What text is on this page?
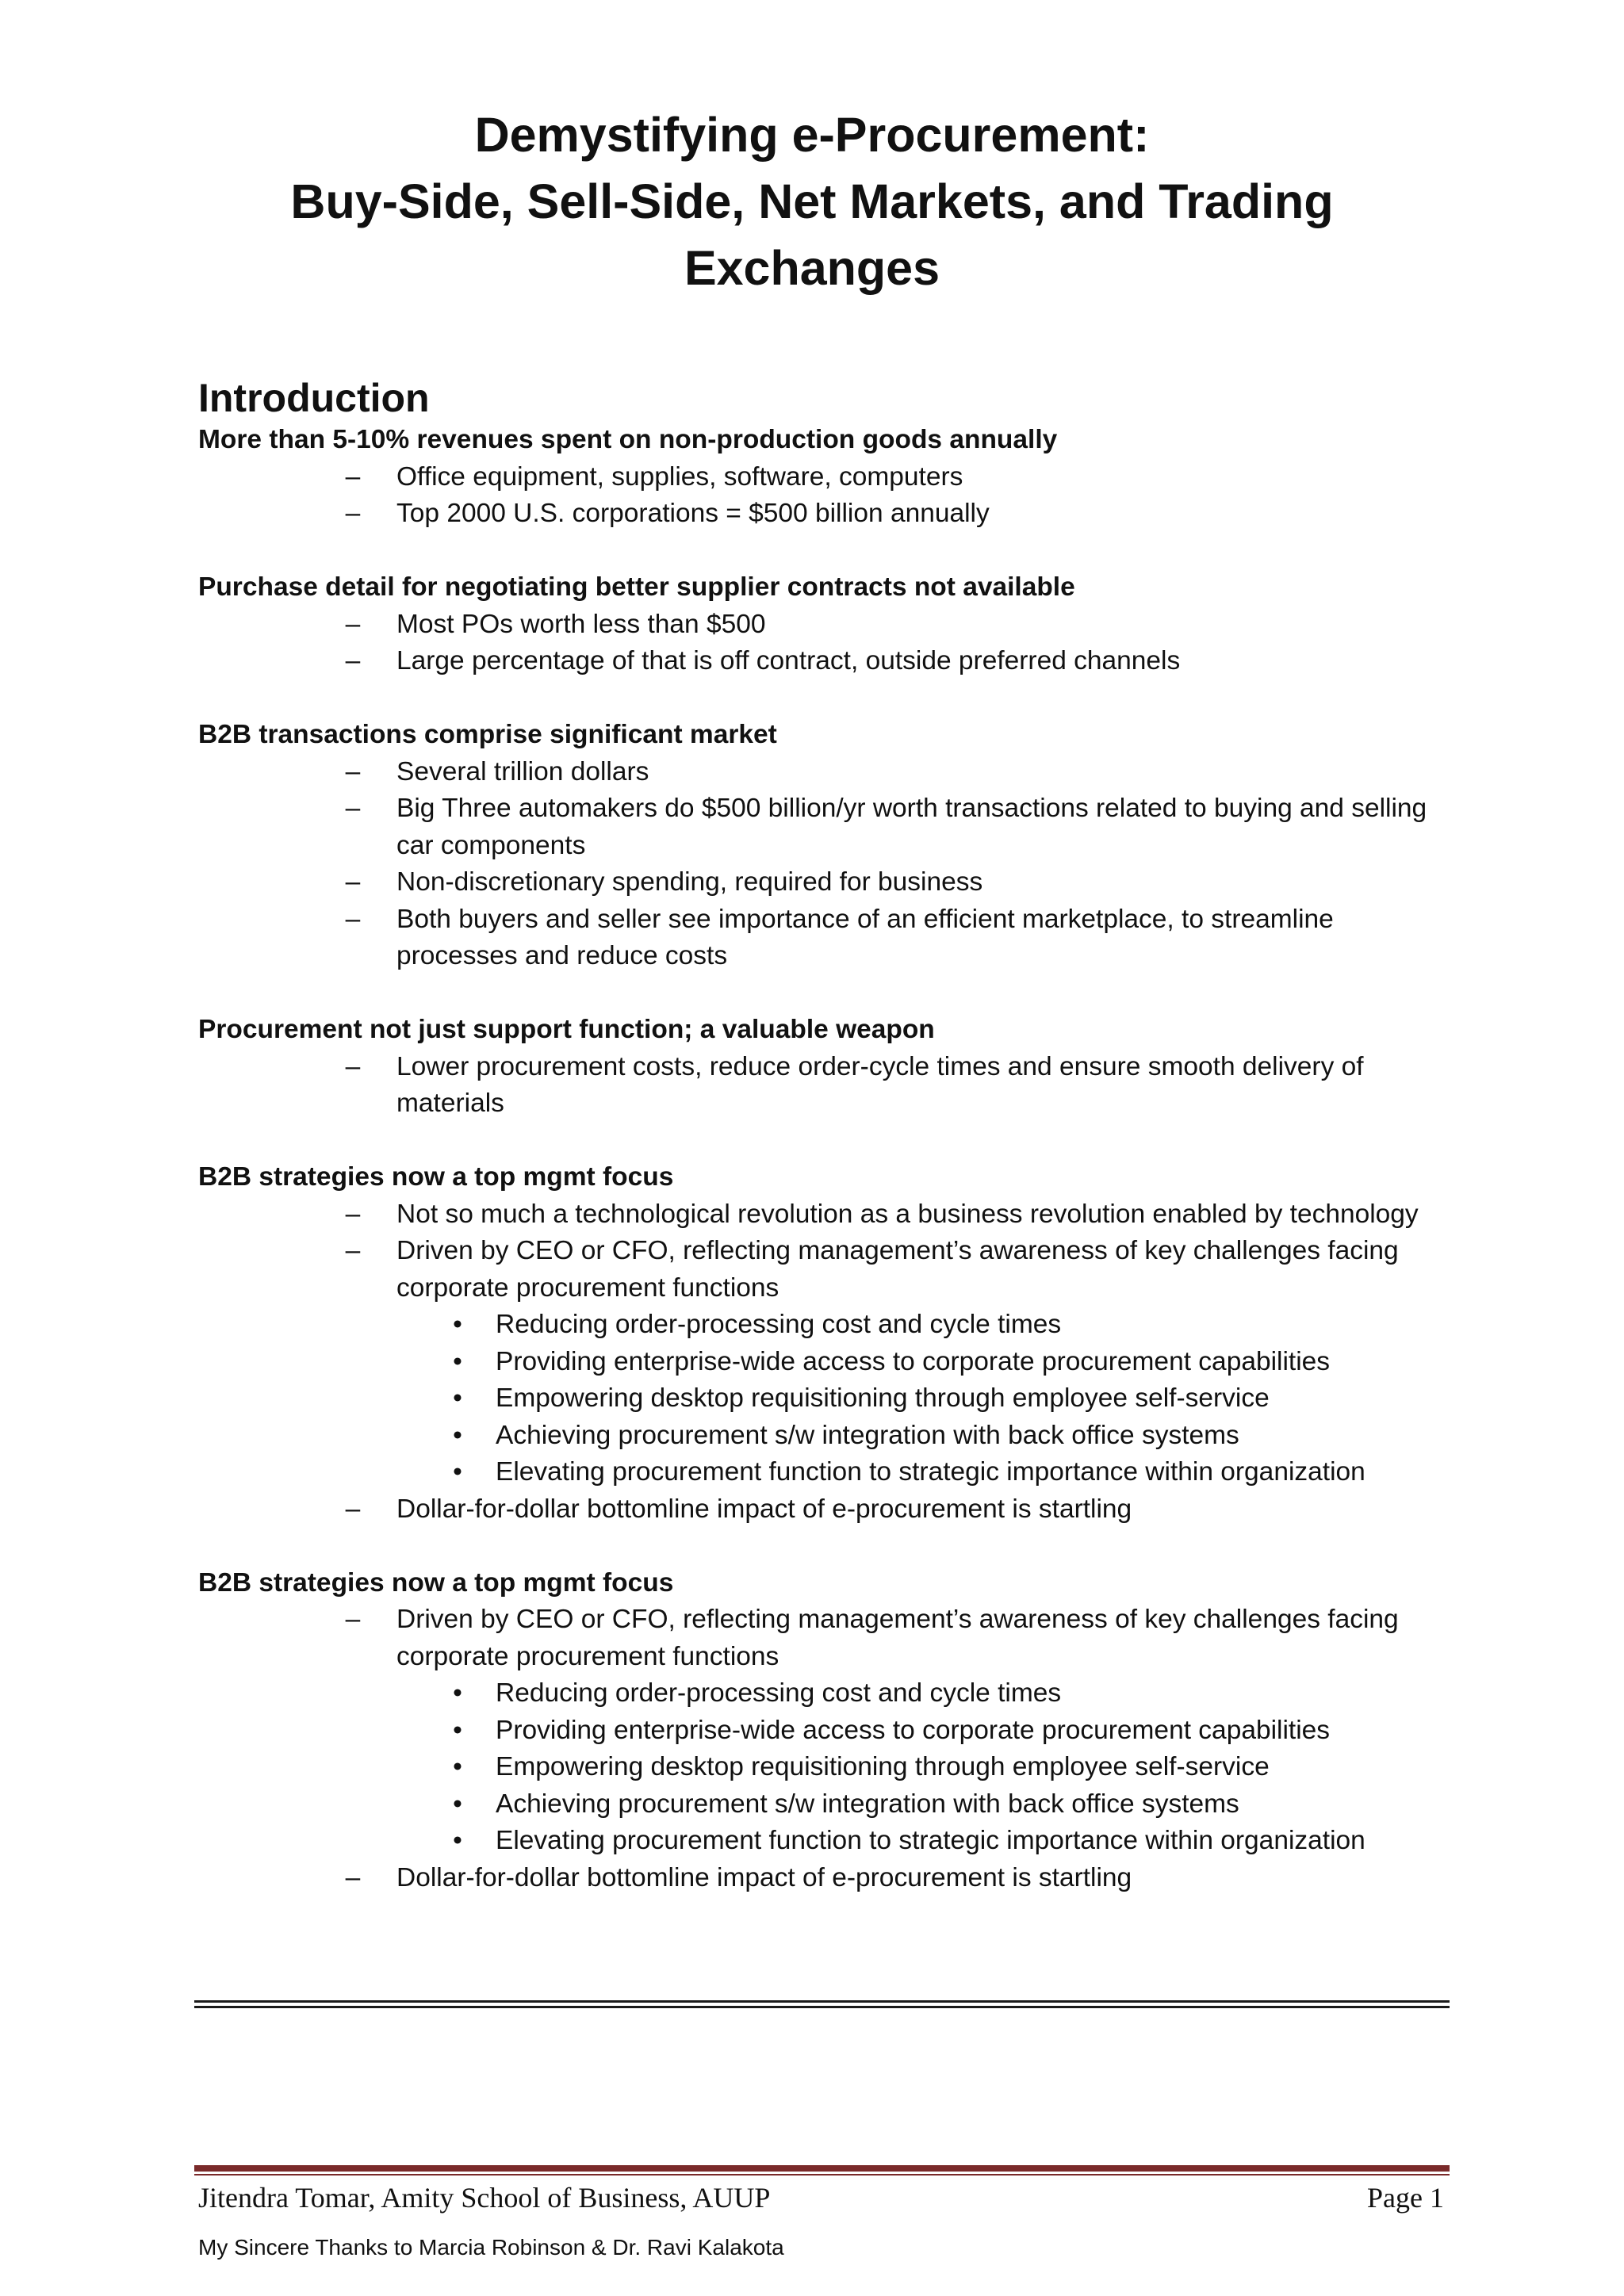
Demystifying e-Procurement:
Buy-Side, Sell-Side, Net Markets, and Trading
Exchanges
Introduction
More than 5-10% revenues spent on non-production goods annually
– Office equipment, supplies, software, computers
– Top 2000 U.S. corporations = $500 billion annually
Purchase detail for negotiating better supplier contracts not available
– Most POs worth less than $500
– Large percentage of that is off contract, outside preferred channels
B2B transactions comprise significant market
– Several trillion dollars
– Big Three automakers do $500 billion/yr worth transactions related to buying and selling car components
– Non-discretionary spending, required for business
– Both buyers and seller see importance of an efficient marketplace, to streamline processes and reduce costs
Procurement not just support function; a valuable weapon
– Lower procurement costs, reduce order-cycle times and ensure smooth delivery of materials
B2B strategies now a top mgmt focus
– Not so much a technological revolution as a business revolution enabled by technology
– Driven by CEO or CFO, reflecting management’s awareness of key challenges facing corporate procurement functions
• Reducing order-processing cost and cycle times
• Providing enterprise-wide access to corporate procurement capabilities
• Empowering desktop requisitioning through employee self-service
• Achieving procurement s/w integration with back office systems
• Elevating procurement function to strategic importance within organization
– Dollar-for-dollar bottomline impact of e-procurement is startling
B2B strategies now a top mgmt focus
– Driven by CEO or CFO, reflecting management’s awareness of key challenges facing corporate procurement functions
• Reducing order-processing cost and cycle times
• Providing enterprise-wide access to corporate procurement capabilities
• Empowering desktop requisitioning through employee self-service
• Achieving procurement s/w integration with back office systems
• Elevating procurement function to strategic importance within organization
– Dollar-for-dollar bottomline impact of e-procurement is startling
Jitendra Tomar, Amity School of Business, AUUP	Page 1
My Sincere Thanks to Marcia Robinson & Dr. Ravi Kalakota
